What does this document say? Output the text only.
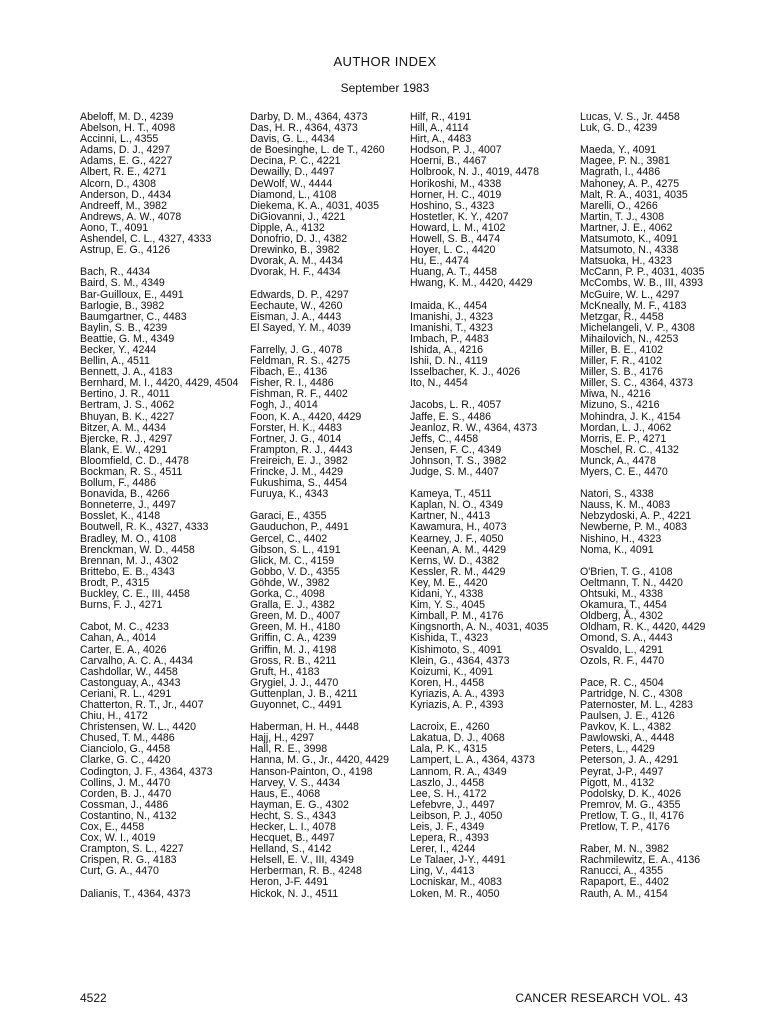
AUTHOR INDEX
September 1983
Abeloff, M. D., 4239
Abelson, H. T., 4098
Accinni, L., 4355
Adams, D. J., 4297
Adams, E. G., 4227
Albert, R. E., 4271
Alcorn, D., 4308
Anderson, D., 4434
Andreeff, M., 3982
Andrews, A. W., 4078
Aono, T., 4091
Ashendel, C. L., 4327, 4333
Astrup, E. G., 4126
Bach, R., 4434
Baird, S. M., 4349
Bar-Guilloux, E., 4491
Barlogie, B., 3982
Baumgartner, C., 4483
Baylin, S. B., 4239
Beattie, G. M., 4349
Becker, Y., 4244
Bellin, A., 4511
Bennett, J. A., 4183
Bernhard, M. I., 4420, 4429, 4504
Bertino, J. R., 4011
Bertram, J. S., 4062
Bhuyan, B. K., 4227
Bitzer, A. M., 4434
Bjercke, R. J., 4297
Blank, E. W., 4291
Bloomfield, C. D., 4478
Bockman, R. S., 4511
Bollum, F., 4486
Bonavida, B., 4266
Bonneterre, J., 4497
Bosslet, K., 4148
Boutwell, R. K., 4327, 4333
Bradley, M. O., 4108
Brenckman, W. D., 4458
Brennan, M. J., 4302
Brittebo, E. B., 4343
Brodt, P., 4315
Buckley, C. E., III, 4458
Burns, F. J., 4271
Cabot, M. C., 4233
Cahan, A., 4014
Carter, E. A., 4026
Carvalho, A. C. A., 4434
Cashdollar, W., 4458
Castonguay, A., 4343
Ceriani, R. L., 4291
Chatterton, R. T., Jr., 4407
Chiu, H., 4172
Christensen, W. L., 4420
Chused, T. M., 4486
Cianciolo, G., 4458
Clarke, G. C., 4420
Codington, J. F., 4364, 4373
Collins, J. M., 4470
Corden, B. J., 4470
Cossman, J., 4486
Costantino, N., 4132
Cox, E., 4458
Cox, W. I., 4019
Crampton, S. L., 4227
Crispen, R. G., 4183
Curt, G. A., 4470
Dalianis, T., 4364, 4373
Darby, D. M., 4364, 4373
Das, H. R., 4364, 4373
Davis, G. L., 4434
de Boesinghe, L. de T., 4260
Decina, P. C., 4221
Dewailly, D., 4497
DeWolf, W., 4444
Diamond, L., 4108
Diekema, K. A., 4031, 4035
DiGiovanni, J., 4221
Dipple, A., 4132
Donofrio, D. J., 4382
Drewinko, B., 3982
Dvorak, A. M., 4434
Dvorak, H. F., 4434
Edwards, D. P., 4297
Eechaute, W., 4260
Eisman, J. A., 4443
El Sayed, Y. M., 4039
Farrelly, J. G., 4078
Feldman, R. S., 4275
Fibach, E., 4136
Fisher, R. I., 4486
Fishman, R. F., 4402
Fogh, J., 4014
Foon, K. A., 4420, 4429
Forster, H. K., 4483
Fortner, J. G., 4014
Frampton, R. J., 4443
Freireich, E. J., 3982
Frincke, J. M., 4429
Fukushima, S., 4454
Furuya, K., 4343
Garaci, E., 4355
Gauduchon, P., 4491
Gercel, C., 4402
Gibson, S. L., 4191
Glick, M. C., 4159
Gobbo, V. D., 4355
Göhde, W., 3982
Gorka, C., 4098
Gralla, E. J., 4382
Green, M. D., 4007
Green, M. H., 4180
Griffin, C. A., 4239
Griffin, M. J., 4198
Gross, R. B., 4211
Gruft, H., 4183
Grygiel, J. J., 4470
Guttenplan, J. B., 4211
Guyonnet, C., 4491
Haberman, H. H., 4448
Hajj, H., 4297
Hall, R. E., 3998
Hanna, M. G., Jr., 4420, 4429
Hanson-Painton, O., 4198
Harvey, V. S., 4434
Haus, E., 4068
Hayman, E. G., 4302
Hecht, S. S., 4343
Hecker, L. I., 4078
Hecquet, B., 4497
Helland, S., 4142
Helsell, E. V., III, 4349
Herberman, R. B., 4248
Heron, J-F. 4491
Hickok, N. J., 4511
Hilf, R., 4191
Hill, A., 4114
Hirt, A., 4483
Hodson, P. J., 4007
Hoerni, B., 4467
Holbrook, N. J., 4019, 4478
Horikoshi, M., 4338
Horner, H. C., 4019
Hoshino, S., 4323
Hostetler, K. Y., 4207
Howard, L. M., 4102
Howell, S. B., 4474
Hoyer, L. C., 4420
Hu, E., 4474
Huang, A. T., 4458
Hwang, K. M., 4420, 4429
Imaida, K., 4454
Imanishi, J., 4323
Imanishi, T., 4323
Imbach, P., 4483
Ishida, A., 4216
Ishii, D. N., 4119
Isselbacher, K. J., 4026
Ito, N., 4454
Jacobs, L. R., 4057
Jaffe, E. S., 4486
Jeanloz, R. W., 4364, 4373
Jeffs, C., 4458
Jensen, F. C., 4349
Johnson, T. S., 3982
Judge, S. M., 4407
Kameya, T., 4511
Kaplan, N. O., 4349
Kartner, N., 4413
Kawamura, H., 4073
Kearney, J. F., 4050
Keenan, A. M., 4429
Kerns, W. D., 4382
Kessler, R. M., 4429
Key, M. E., 4420
Kidani, Y., 4338
Kim, Y. S., 4045
Kimball, P. M., 4176
Kingsnorth, A. N., 4031, 4035
Kishida, T., 4323
Kishimoto, S., 4091
Klein, G., 4364, 4373
Koizumi, K., 4091
Koren, H., 4458
Kyriazis, A. A., 4393
Kyriazis, A. P., 4393
Lacroix, E., 4260
Lakatua, D. J., 4068
Lala, P. K., 4315
Lampert, L. A., 4364, 4373
Lannom, R. A., 4349
Laszlo, J., 4458
Lee, S. H., 4172
Lefebvre, J., 4497
Leibson, P. J., 4050
Leis, J. F., 4349
Lepera, R., 4393
Lerer, I., 4244
Le Talaer, J-Y., 4491
Ling, V., 4413
Locniskar, M., 4083
Loken, M. R., 4050
Lucas, V. S., Jr. 4458
Luk, G. D., 4239
Maeda, Y., 4091
Magee, P. N., 3981
Magrath, I., 4486
Mahoney, A. P., 4275
Malt, R. A., 4031, 4035
Marelli, O., 4266
Martin, T. J., 4308
Martner, J. E., 4062
Matsumoto, K., 4091
Matsumoto, N., 4338
Matsuoka, H., 4323
McCann, P. P., 4031, 4035
McCombs, W. B., III, 4393
McGuire, W. L., 4297
McKneally, M. F., 4183
Metzgar, R., 4458
Michelangeli, V. P., 4308
Mihailovich, N., 4253
Miller, B. E., 4102
Miller, F. R., 4102
Miller, S. B., 4176
Miller, S. C., 4364, 4373
Miwa, N., 4216
Mizuno, S., 4216
Mohindra, J. K., 4154
Mordan, L. J., 4062
Morris, E. P., 4271
Moschel, R. C., 4132
Munck, A., 4478
Myers, C. E., 4470
Natori, S., 4338
Nauss, K. M., 4083
Nebzydoski, A. P., 4221
Newberne, P. M., 4083
Nishino, H., 4323
Noma, K., 4091
O'Brien, T. G., 4108
Oeltmann, T. N., 4420
Ohtsuki, M., 4338
Okamura, T., 4454
Oldberg, Å., 4302
Oldham, R. K., 4420, 4429
Omond, S. A., 4443
Osvaldo, L., 4291
Ozols, R. F., 4470
Pace, R. C., 4504
Partridge, N. C., 4308
Paternoster, M. L., 4283
Paulsen, J. E., 4126
Pavkov, K. L., 4382
Pawlowski, A., 4448
Peters, L., 4429
Peterson, J. A., 4291
Peyrat, J-P., 4497
Pigott, M., 4132
Podolsky, D. K., 4026
Premrov, M. G., 4355
Pretlow, T. G., II, 4176
Pretlow, T. P., 4176
Raber, M. N., 3982
Rachmilewitz, E. A., 4136
Ranucci, A., 4355
Rapaport, E., 4402
Rauth, A. M., 4154
4522	CANCER RESEARCH VOL. 43
